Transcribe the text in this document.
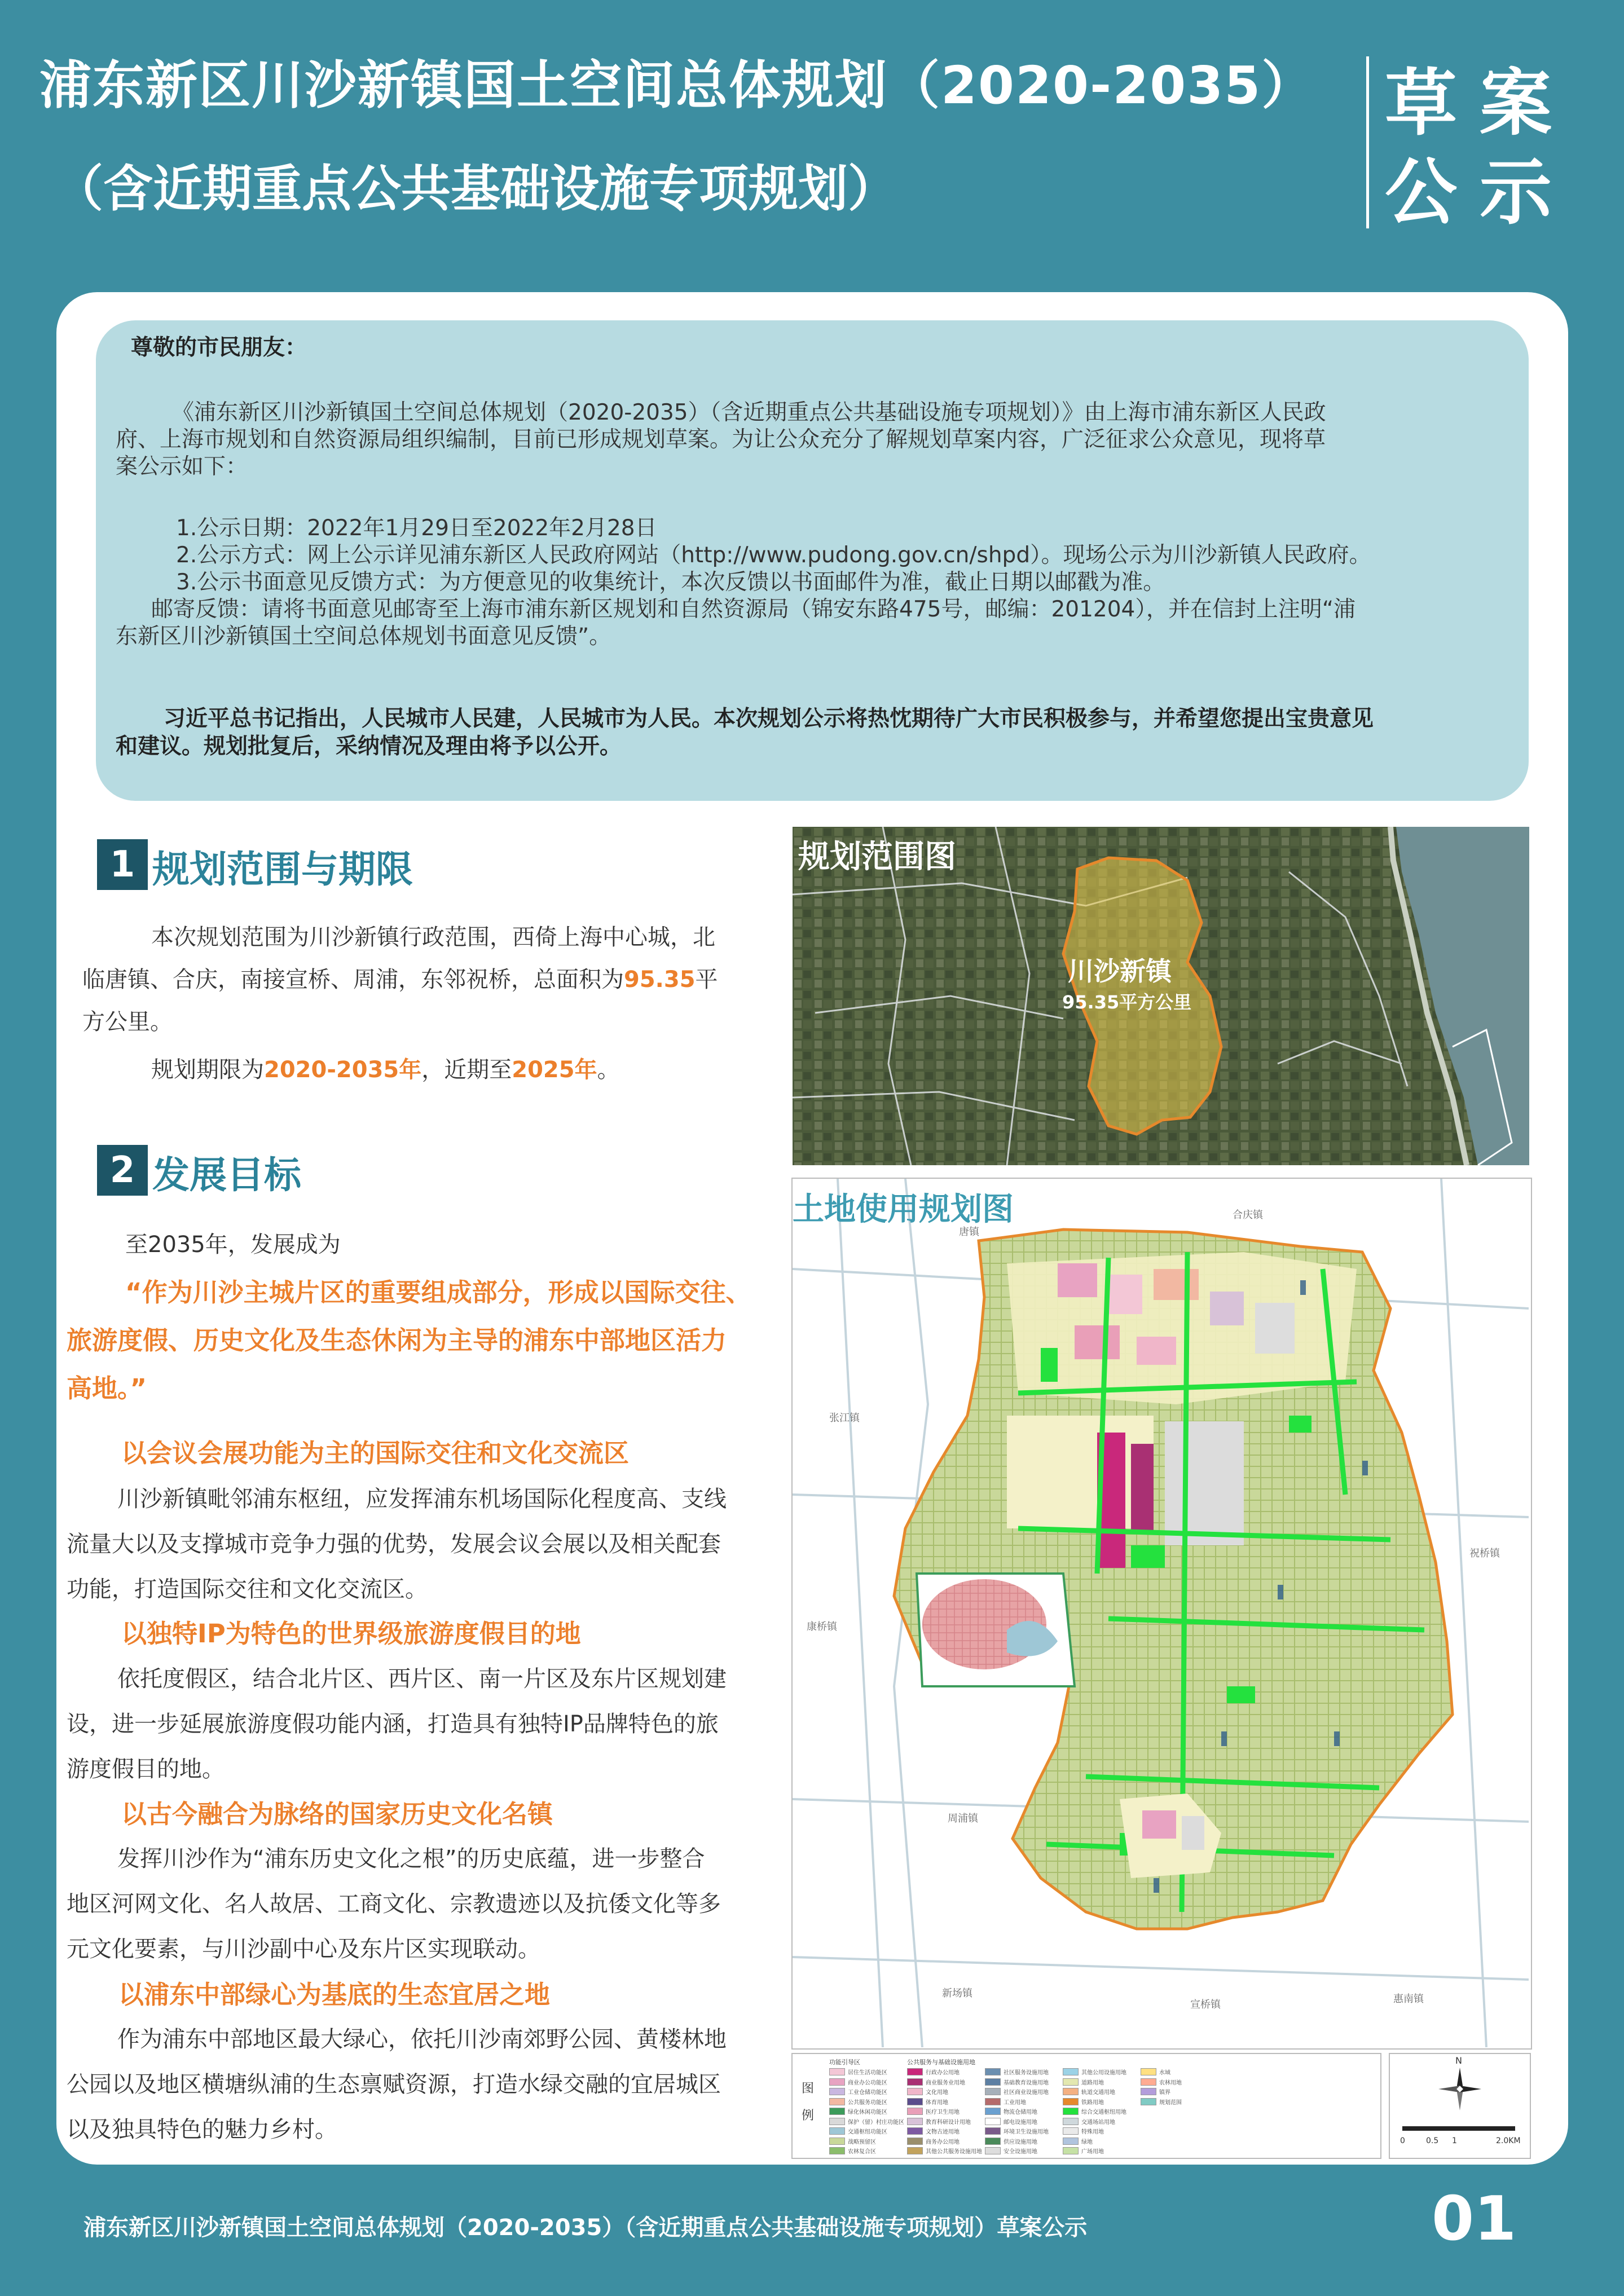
浦东新区川沙新镇国土空间总体规划（2020-2035）
（含近期重点公共基础设施专项规划）
草案
公示
尊敬的市民朋友：
《浦东新区川沙新镇国土空间总体规划（2020-2035）（含近期重点公共基础设施专项规划）》由上海市浦东新区人民政
府、上海市规划和自然资源局组织编制，目前已形成规划草案。为让公众充分了解规划草案内容，广泛征求公众意见，现将草
案公示如下：
1.公示日期：2022年1月29日至2022年2月28日
2.公示方式：网上公示详见浦东新区人民政府网站（http://www.pudong.gov.cn/shpd）。现场公示为川沙新镇人民政府。
3.公示书面意见反馈方式：为方便意见的收集统计，本次反馈以书面邮件为准，截止日期以邮戳为准。
邮寄反馈：请将书面意见邮寄至上海市浦东新区规划和自然资源局（锦安东路475号，邮编：201204），并在信封上注明“浦
东新区川沙新镇国土空间总体规划书面意见反馈”。
习近平总书记指出，人民城市人民建，人民城市为人民。本次规划公示将热忱期待广大市民积极参与，并希望您提出宝贵意见
和建议。规划批复后，采纳情况及理由将予以公开。
1 规划范围与期限
本次规划范围为川沙新镇行政范围，西倚上海中心城，北
临唐镇、合庆，南接宣桥、周浦，东邻祝桥，总面积为95.35平
方公里。
规划期限为2020-2035年，近期至2025年。
2 发展目标
至2035年，发展成为
“作为川沙主城片区的重要组成部分，形成以国际交往、
旅游度假、历史文化及生态休闲为主导的浦东中部地区活力
高地。”
以会议会展功能为主的国际交往和文化交流区
川沙新镇毗邻浦东枢纽，应发挥浦东机场国际化程度高、支线
流量大以及支撑城市竞争力强的优势，发展会议会展以及相关配套
功能，打造国际交往和文化交流区。
以独特IP为特色的世界级旅游度假目的地
依托度假区，结合北片区、西片区、南一片区及东片区规划建
设，进一步延展旅游度假功能内涵，打造具有独特IP品牌特色的旅
游度假目的地。
以古今融合为脉络的国家历史文化名镇
发挥川沙作为“浦东历史文化之根”的历史底蕴，进一步整合
地区河网文化、名人故居、工商文化、宗教遗迹以及抗倭文化等多
元文化要素，与川沙副中心及东片区实现联动。
以浦东中部绿心为基底的生态宜居之地
作为浦东中部地区最大绿心，依托川沙南郊野公园、黄楼林地
公园以及地区横塘纵浦的生态禀赋资源，打造水绿交融的宜居城区
以及独具特色的魅力乡村。
规划范围图
川沙新镇
95.35平方公里
土地使用规划图	合庆镇
唐镇
张江镇
祝桥镇
康桥镇
周浦镇
新场镇
宣桥镇	惠南镇
图例
功能引导区
居住生活功能区
商业办公功能区
工业仓储功能区
公共服务功能区
绿化休闲功能区
保护（留）村庄功能区
交通枢纽功能区
战略预留区
农林复合区
公共服务与基础设施用地
行政办公用地
商业服务业用地
文化用地
体育用地
医疗卫生用地
教育科研设计用地
文物古迹用地
商务办公用地
其他公共服务设施用地
社区服务设施用地
基础教育设施用地
社区商业设施用地
工业用地
物流仓储用地
邮电设施用地
环境卫生设施用地
供应设施用地
安全设施用地
其他公用设施用地
道路用地
轨道交通用地
铁路用地
综合交通枢纽用地
交通场站用地
特殊用地
绿地
广场用地
水域
农林用地
镇界
规划范围
N
0	0.5 1	2.0KM
浦东新区川沙新镇国土空间总体规划（2020-2035）（含近期重点公共基础设施专项规划）草案公示	01
